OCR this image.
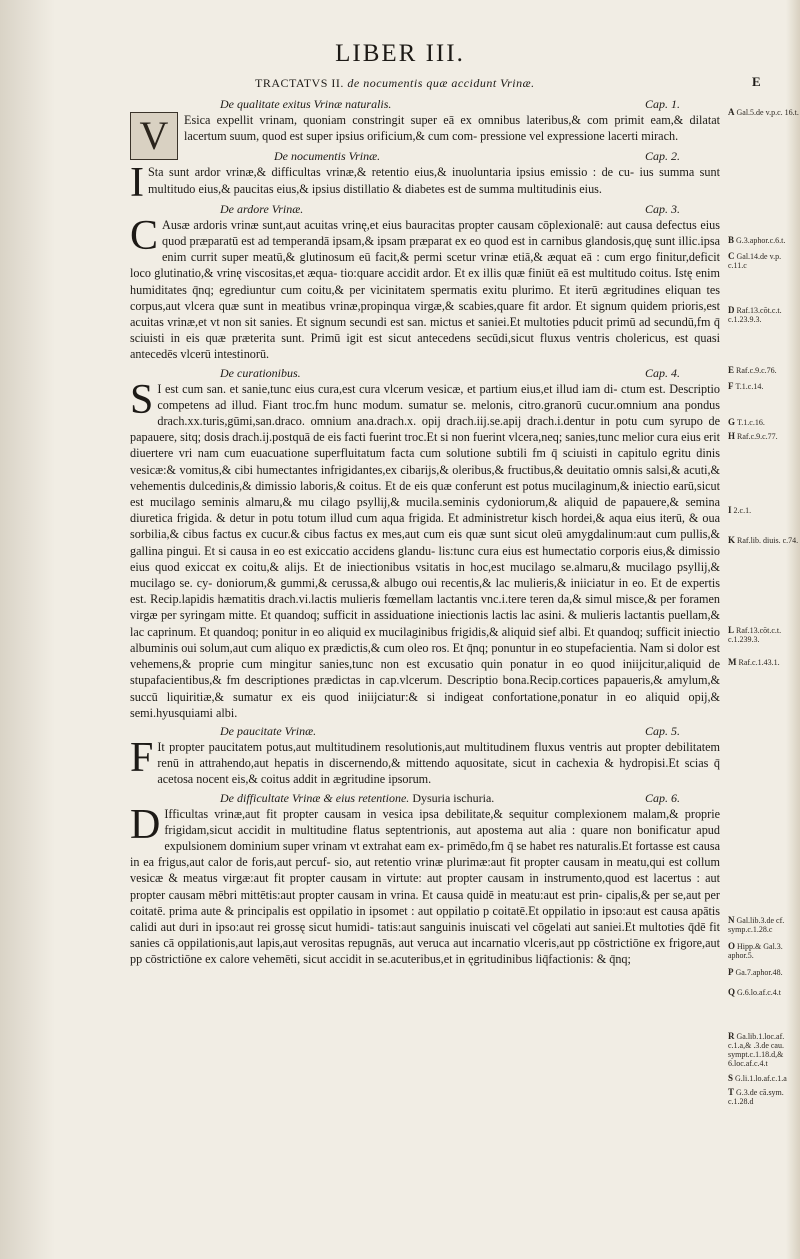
LIBER III.
TRACTATVS II. de nocumentis quæ accidunt Vrinæ.	E
De qualitate exitus Vrinæ naturalis.	Cap. 1.
V	Esica expellit vrinam, quoniam constringit super eā ex omnibus lateribus,& com primit eam,& dilatat lacertum suum, quod est super ipsius orificium,& cum com- pressione vel expressione lacerti mirach.

De nocumentis Vrinæ.	Cap. 2.
I Sta sunt ardor vrinæ,& difficultas vrinæ,& retentio eius,& inuoluntaria ipsius emissio : de cu- ius summa sunt multitudo eius,& paucitas eius,& ipsius distillatio & diabetes est de summa multitudinis eius.

De ardore Vrinæ.	Cap. 3.
C Ausæ ardoris vrinæ sunt,aut acuitas vrinę,et eius bauracitas propter causam cōplexionalē: aut causa defectus eius quod præparatū est ad temperandā ipsam,& ipsam præparat ex eo quod est in carnibus glandosis,quę sunt illic.ipsa enim currit super meatū,& glutinosum eū facit,& permi scetur vrinæ etiā,& æquat eā : cum ergo finitur,deficit loco glutinatio,& vrinę viscositas,et æqua- tio:quare accidit ardor. Et ex illis quæ finiūt eā est multitudo coitus. Istę enim humiditates q̄nq; egrediuntur cum coitu,& per vicinitatem spermatis exitu plurimo. Et iterū ægritudines eliquan tes corpus,aut vlcera quæ sunt in meatibus vrinæ,propinqua virgæ,& scabies,quare fit ardor. Et signum quidem prioris,est acuitas vrinæ,et vt non sit sanies. Et signum secundi est san. mictus et saniei.Et multoties pducit primū ad secundū,fm q̄ sciuisti in eis quæ præterita sunt. Primū igit est sicut antecedens secūdi,sicut fluxus ventris cholericus, est quasi antecedēs vlcerū intestinorū.

De curationibus.	Cap. 4.
S I est cum san. et sanie,tunc eius cura,est cura vlcerum vesicæ, et partium eius,et illud iam di- ctum est. Descriptio competens ad illud. Fiant troc.fm hunc modum. sumatur se. melonis, citro.granorū cucur.omnium ana pondus drach.xx.turis,gūmi,san.draco. omnium ana.drach.x. opij drach.iij.se.apij drach.i.dentur in potu cum syrupo de papauere, sitq; dosis drach.ij.postquā de eis facti fuerint troc.Et si non fuerint vlcera,neq; sanies,tunc melior cura eius erit diuertere vri nam cum euacuatione superfluitatum facta cum solutione subtili fm q̄ sciuisti in capitulo egritu dinis vesicæ:& vomitus,& cibi humectantes infrigidantes,ex cibarijs,& oleribus,& fructibus,& deuitatio omnis salsi,& acuti,& vehementis dulcedinis,& dimissio laboris,& coitus. Et de eis quæ conferunt est potus mucilaginum,& iniectio earū,sicut est mucilago seminis almaru,& mu cilago psyllij,& mucila.seminis cydoniorum,& aliquid de papauere,& semina diuretica frigida. & detur in potu totum illud cum aqua frigida. Et administretur kisch hordei,& aqua eius iterū, & oua sorbilia,& cibus factus ex cucur.& cibus factus ex mes,aut cum eis quæ sunt sicut oleū amygdalinum:aut cum pullis,& gallina pingui. Et si causa in eo est exiccatio accidens glandu- lis:tunc cura eius est humectatio corporis eius,& dimissio eius quod exiccat ex coitu,& alijs. Et de iniectionibus vsitatis in hoc,est mucilago se.almaru,& mucilago psyllij,& mucilago se. cy- doniorum,& gummi,& cerussa,& albugo oui recentis,& lac mulieris,& iniiciatur in eo. Et de expertis est. Recip.lapidis hæmatitis drach.vi.lactis mulieris fœmellam lactantis vnc.i.tere teren da,& simul misce,& per foramen virgæ per syringam mitte. Et quandoq; sufficit in assiduatione iniectionis lactis lac asini. & mulieris lactantis puellam,& lac caprinum. Et quandoq; ponitur in eo aliquid ex mucilaginibus frigidis,& aliquid sief albi. Et quandoq; sufficit iniectio albuminis oui solum,aut cum aliquo ex prædictis,& cum oleo ros. Et q̄nq; ponuntur in eo stupefacientia. Nam si dolor est vehemens,& proprie cum mingitur sanies,tunc non est excusatio quin ponatur in eo quod iniijcitur,aliquid de stupafacientibus,& fm descriptiones prædictas in cap.vlcerum. Descriptio bona.Recip.cortices papaueris,& amylum,& succū liquiritiæ,& sumatur ex eis quod iniijciatur:& si indigeat confortatione,ponatur in eo aliquid opij,& semi.hyusquiami albi.

De paucitate Vrinæ.	Cap. 5.
F It propter paucitatem potus,aut multitudinem resolutionis,aut multitudinem fluxus ventris aut propter debilitatem renū in attrahendo,aut hepatis in discernendo,& mittendo aquositate, sicut in cachexia & hydropisi.Et scias q̄ acetosa nocent eis,& coitus addit in ægritudine ipsorum.

De difficultate Vrinæ & eius retentione. Dysuria ischuria.	Cap. 6.
D Ifficultas vrinæ,aut fit propter causam in vesica ipsa debilitate,& sequitur complexionem malam,& proprie frigidam,sicut accidit in multitudine flatus septentrionis, aut apostema aut alia : quare non bonificatur apud expulsionem dominium super vrinam vt extrahat eam ex- primēdo,fm q̄ se habet res naturalis.Et fortasse est causa in ea frigus,aut calor de foris,aut percuf- sio, aut retentio vrinæ plurimæ:aut fit propter causam in meatu,qui est collum vesicæ & meatus virgæ:aut fit propter causam in virtute: aut propter causam in instrumento,quod est lacertus : aut propter causam mēbri mittētis:aut propter causam in vrina. Et causa quidē in meatu:aut est prin- cipalis,& per se,aut per coitatē. prima aute & principalis est oppilatio in ipsomet : aut oppilatio p coitatē.Et oppilatio in ipso:aut est causa apātis calidi aut duri in ipso:aut rei grossę sicut humidi- tatis:aut sanguinis inuiscati vel cōgelati aut saniei.Et multoties q̄dē fit sanies cā oppilationis,aut lapis,aut verositas repugnās, aut veruca aut incarnatio vlceris,aut pp cōstrictiōne ex frigore,aut pp cōstrictiōne ex calore vehemēti, sicut accidit in se.acuteribus,et in ęgritudinibus liq̄factionis: & q̄nq;

A Gal.5.de v.p.c. 16.t.
B G.3.aphor.c.6.t.
C Gal.14.de v.p. c.11.c
D Raf.13.cōt.c.t. c.1.23.9.3.
E Raf.c.9.c.76.
F T.1.c.14.
G T.1.c.16.
H Raf.c.9.c.77.
I 2.c.1.
K Raf.lib. diuis. c.74.
L Raf.13.cōt.c.t. c.1.239.3.
M Raf.c.1.43.1.
N Gal.lib.3.de cf. symp.c.1.28.c
O Hipp.& Gal.3. aphor.5.
P Ga.7.aphor.48.
Q G.6.lo.af.c.4.t
R Ga.lib.1.loc.af. c.1.a,& .3.de cau. sympt.c.1.18.d,& 6.loc.af.c.4.t
S G.li.1.lo.af.c.1.a
T G.3.de cā.sym. c.1.28.d
